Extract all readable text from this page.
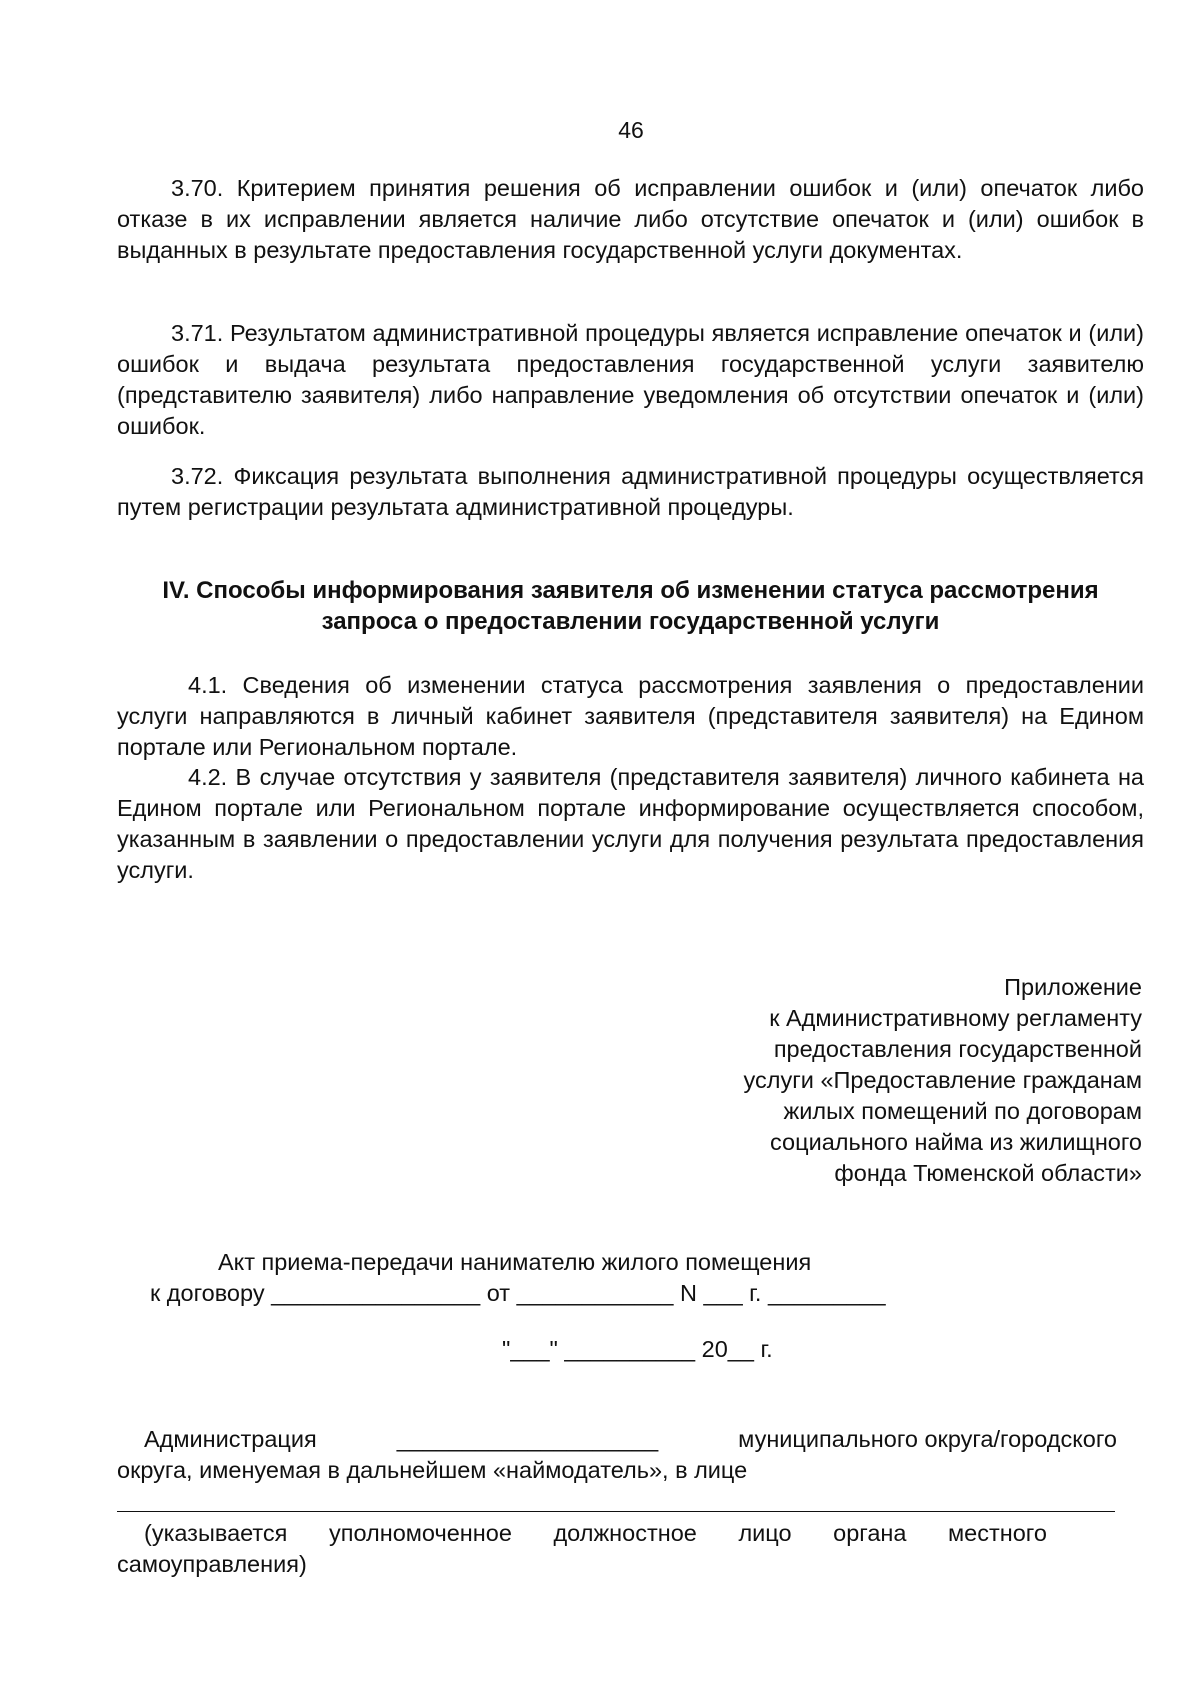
46

3.70. Критерием принятия решения об исправлении ошибок и (или) опечаток либо отказе в их исправлении является наличие либо отсутствие опечаток и (или) ошибок в выданных в результате предоставления государственной услуги документах.

3.71. Результатом административной процедуры является исправление опечаток и (или) ошибок и выдача результата предоставления государственной услуги заявителю (представителю заявителя) либо направление уведомления об отсутствии опечаток и (или) ошибок.

3.72. Фиксация результата выполнения административной процедуры осуществляется путем регистрации результата административной процедуры.

IV. Способы информирования заявителя об изменении статуса рассмотрения
запроса о предоставлении государственной услуги

4.1. Сведения об изменении статуса рассмотрения заявления о предоставлении услуги направляются в личный кабинет заявителя (представителя заявителя) на Едином портале или Региональном портале.

4.2. В случае отсутствия у заявителя (представителя заявителя) личного кабинета на Едином портале или Региональном портале информирование осуществляется способом, указанным в заявлении о предоставлении услуги для получения результата предоставления услуги.

Приложение
к Административному регламенту
предоставления государственной
услуги «Предоставление гражданам
жилых помещений по договорам
социального найма из жилищного
фонда Тюменской области»
Акт приема-передачи нанимателю жилого помещения
к договору ________________ от ____________ N ___ г. _________
"___" __________ 20__ г.
Администрация	____________________	муниципального округа/городского
округа, именуемая в дальнейшем «наймодатель», в лице
(указывается уполномоченное должностное лицо органа местного
самоуправления)
